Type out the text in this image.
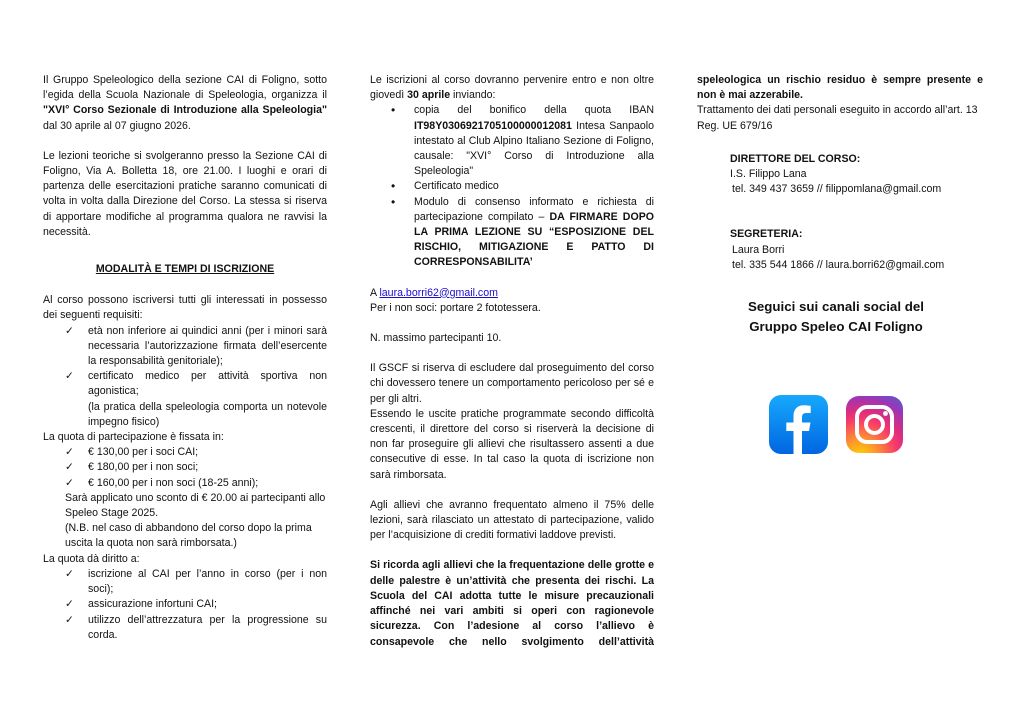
Il Gruppo Speleologico della sezione CAI di Foligno, sotto l’egida della Scuola Nazionale di Speleologia, organizza il "XVI° Corso Sezionale di Introduzione alla Speleologia" dal 30 aprile al 07 giugno 2026.

Le lezioni teoriche si svolgeranno presso la Sezione CAI di Foligno, Via A. Bolletta 18, ore 21.00. I luoghi e orari di partenza delle esercitazioni pratiche saranno comunicati di volta in volta dalla Direzione del Corso. La stessa si riserva di apportare modifiche al programma qualora ne ravvisi la necessità.

MODALITÀ E TEMPI DI ISCRIZIONE

Al corso possono iscriversi tutti gli interessati in possesso dei seguenti requisiti:

✓ età non inferiore ai quindici anni (per i minori sarà necessaria l’autorizzazione firmata dell’esercente la responsabilità genitoriale);
✓ certificato medico per attività sportiva non agonistica;
(la pratica della speleologia comporta un notevole impegno fisico)

La quota di partecipazione è fissata in:

✓ € 130,00 per i soci CAI;
✓ € 180,00 per i non soci;
✓ € 160,00 per i non soci (18-25 anni);

Sarà applicato uno sconto di € 20.00 ai partecipanti allo Speleo Stage 2025.

(N.B. nel caso di abbandono del corso dopo la prima uscita la quota non sarà rimborsata.)

La quota dà diritto a:

✓ iscrizione al CAI per l’anno in corso (per i non soci);
✓ assicurazione infortuni CAI;
✓ utilizzo dell’attrezzatura per la progressione su corda.

Le iscrizioni al corso dovranno pervenire entro e non oltre giovedì 30 aprile inviando:

• copia del bonifico della quota IBAN IT98Y0306921705100000012081 Intesa Sanpaolo intestato al Club Alpino Italiano Sezione di Foligno, causale: "XVI° Corso di Introduzione alla Speleologia"
• Certificato medico
• Modulo di consenso informato e richiesta di partecipazione compilato – DA FIRMARE DOPO LA PRIMA LEZIONE SU “ESPOSIZIONE DEL RISCHIO, MITIGAZIONE E PATTO DI CORRESPONSABILITA’

A laura.borri62@gmail.com

Per i non soci: portare 2 fototessera.

N. massimo partecipanti 10.

Il GSCF si riserva di escludere dal proseguimento del corso chi dovessero tenere un comportamento pericoloso per sé e per gli altri.

Essendo le uscite pratiche programmate secondo difficoltà crescenti, il direttore del corso si riserverà la decisione di non far proseguire gli allievi che risultassero assenti a due consecutive di esse. In tal caso la quota di iscrizione non sarà rimborsata.

Agli allievi che avranno frequentato almeno il 75% delle lezioni, sarà rilasciato un attestato di partecipazione, valido per l’acquisizione di crediti formativi laddove previsti.

Si ricorda agli allievi che la frequentazione delle grotte e delle palestre è un’attività che presenta dei rischi. La Scuola del CAI adotta tutte le misure precauzionali affinché nei vari ambiti si operi con ragionevole sicurezza. Con l’adesione al corso l’allievo è consapevole che nello svolgimento dell’attività

speleologica un rischio residuo è sempre presente e non è mai azzerabile.

Trattamento dei dati personali eseguito in accordo all’art. 13 Reg. UE 679/16

DIRETTORE DEL CORSO:

I.S. Filippo Lana

tel. 349 437 3659 // filippomlana@gmail.com

SEGRETERIA:

Laura Borri

tel. 335 544 1866 // laura.borri62@gmail.com

Seguici sui canali social del

Gruppo Speleo CAI Foligno
